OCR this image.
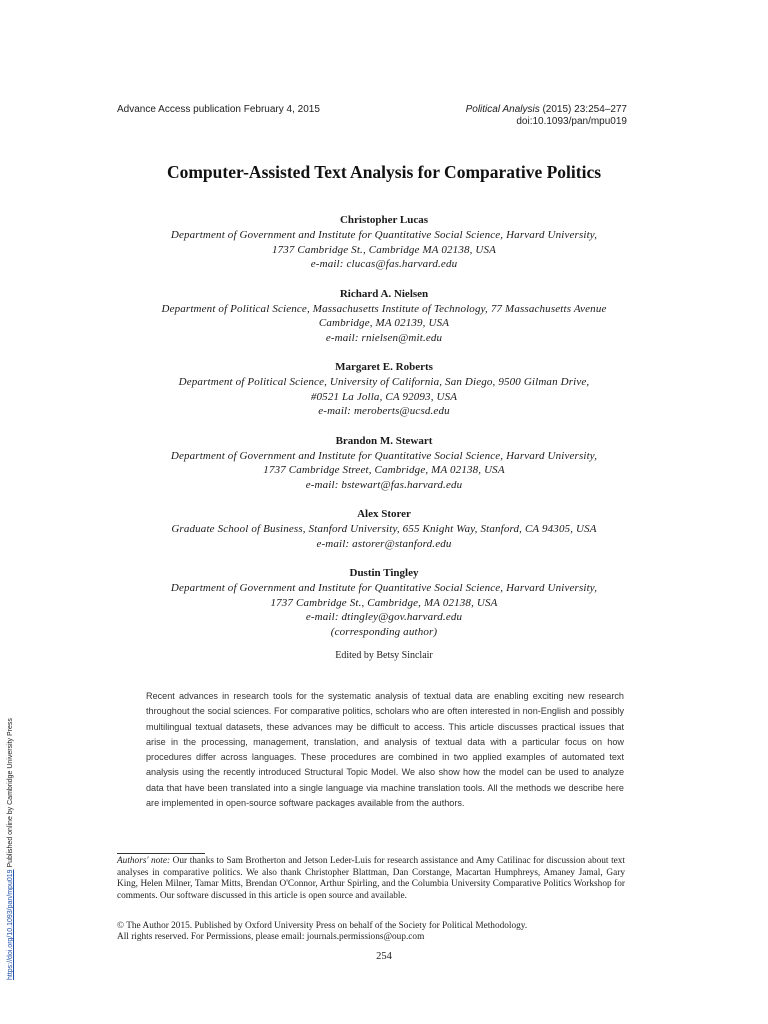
Advance Access publication February 4, 2015	Political Analysis (2015) 23:254–277
doi:10.1093/pan/mpu019
Computer-Assisted Text Analysis for Comparative Politics
Christopher Lucas
Department of Government and Institute for Quantitative Social Science, Harvard University,
1737 Cambridge St., Cambridge MA 02138, USA
e-mail: clucas@fas.harvard.edu
Richard A. Nielsen
Department of Political Science, Massachusetts Institute of Technology, 77 Massachusetts Avenue
Cambridge, MA 02139, USA
e-mail: rnielsen@mit.edu
Margaret E. Roberts
Department of Political Science, University of California, San Diego, 9500 Gilman Drive,
#0521 La Jolla, CA 92093, USA
e-mail: meroberts@ucsd.edu
Brandon M. Stewart
Department of Government and Institute for Quantitative Social Science, Harvard University,
1737 Cambridge Street, Cambridge, MA 02138, USA
e-mail: bstewart@fas.harvard.edu
Alex Storer
Graduate School of Business, Stanford University, 655 Knight Way, Stanford, CA 94305, USA
e-mail: astorer@stanford.edu
Dustin Tingley
Department of Government and Institute for Quantitative Social Science, Harvard University,
1737 Cambridge St., Cambridge, MA 02138, USA
e-mail: dtingley@gov.harvard.edu
(corresponding author)
Edited by Betsy Sinclair
Recent advances in research tools for the systematic analysis of textual data are enabling exciting new research throughout the social sciences. For comparative politics, scholars who are often interested in non-English and possibly multilingual textual datasets, these advances may be difficult to access. This article discusses practical issues that arise in the processing, management, translation, and analysis of textual data with a particular focus on how procedures differ across languages. These procedures are combined in two applied examples of automated text analysis using the recently introduced Structural Topic Model. We also show how the model can be used to analyze data that have been translated into a single language via machine translation tools. All the methods we describe here are implemented in open-source software packages available from the authors.
Authors' note: Our thanks to Sam Brotherton and Jetson Leder-Luis for research assistance and Amy Catilinac for discussion about text analyses in comparative politics. We also thank Christopher Blattman, Dan Corstange, Macartan Humphreys, Amaney Jamal, Gary King, Helen Milner, Tamar Mitts, Brendan O'Connor, Arthur Spirling, and the Columbia University Comparative Politics Workshop for comments. Our software discussed in this article is open source and available.
© The Author 2015. Published by Oxford University Press on behalf of the Society for Political Methodology.
All rights reserved. For Permissions, please email: journals.permissions@oup.com
254
https://doi.org/10.1093/pan/mpu019 Published online by Cambridge University Press
